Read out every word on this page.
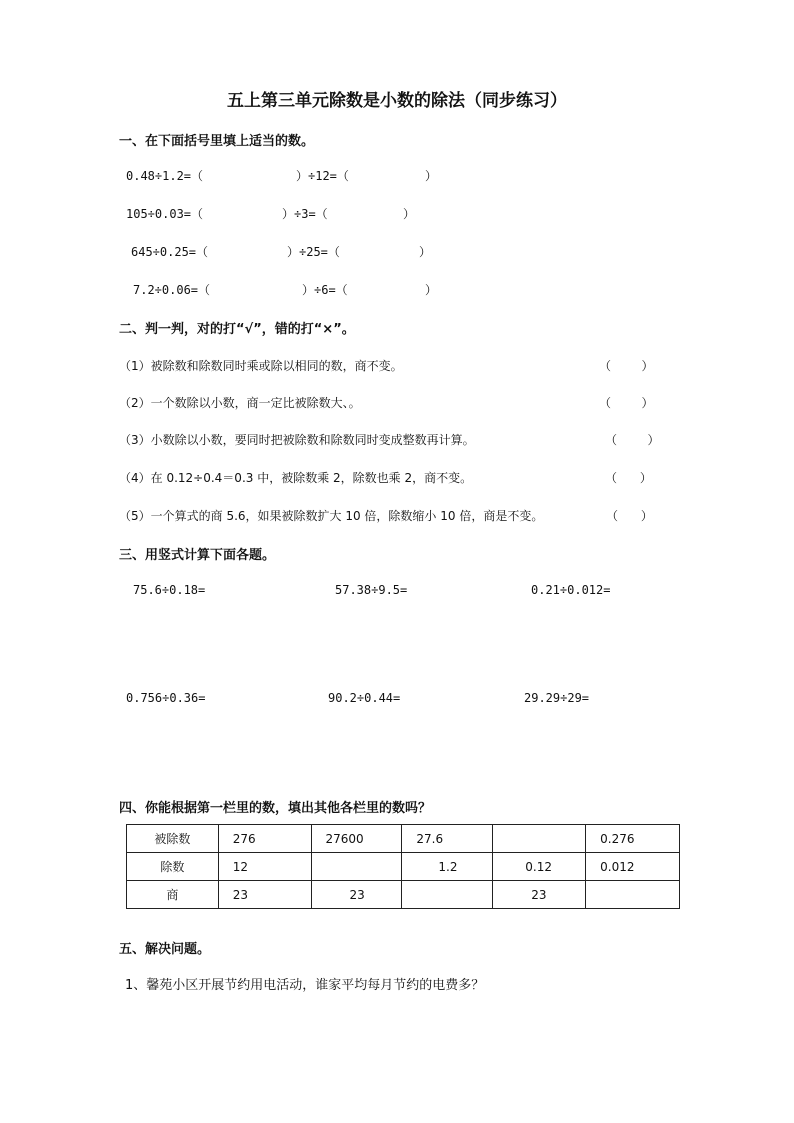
五上第三单元除数是小数的除法（同步练习）
一、在下面括号里填上适当的数。
0.48÷1.2=（	）÷12=（	）
105÷0.03=（	）÷3=（	）
645÷0.25=（	）÷25=（	）
7.2÷0.06=（	）÷6=（	）
二、判一判，对的打“√”，错的打“×”。
（1）被除数和除数同时乘或除以相同的数，商不变。	（        ）
（2）一个数除以小数，商一定比被除数大、。	（        ）
（3）小数除以小数，要同时把被除数和除数同时变成整数再计算。	（        ）
（4）在 0.12÷0.4＝0.3 中，被除数乘 2，除数也乘 2，商不变。	（      ）
（5）一个算式的商 5.6，如果被除数扩大 10 倍，除数缩小 10 倍，商是不变。	（      ）
三、用竖式计算下面各题。
75.6÷0.18=	57.38÷9.5=	0.21÷0.012=
0.756÷0.36=	90.2÷0.44=	29.29÷29=
四、你能根据第一栏里的数，填出其他各栏里的数吗？
被除数	276	27600	27.6		0.276
除数	12		1.2	0.12	0.012
商	23	23		23	
五、解决问题。
1、馨苑小区开展节约用电活动，谁家平均每月节约的电费多？
